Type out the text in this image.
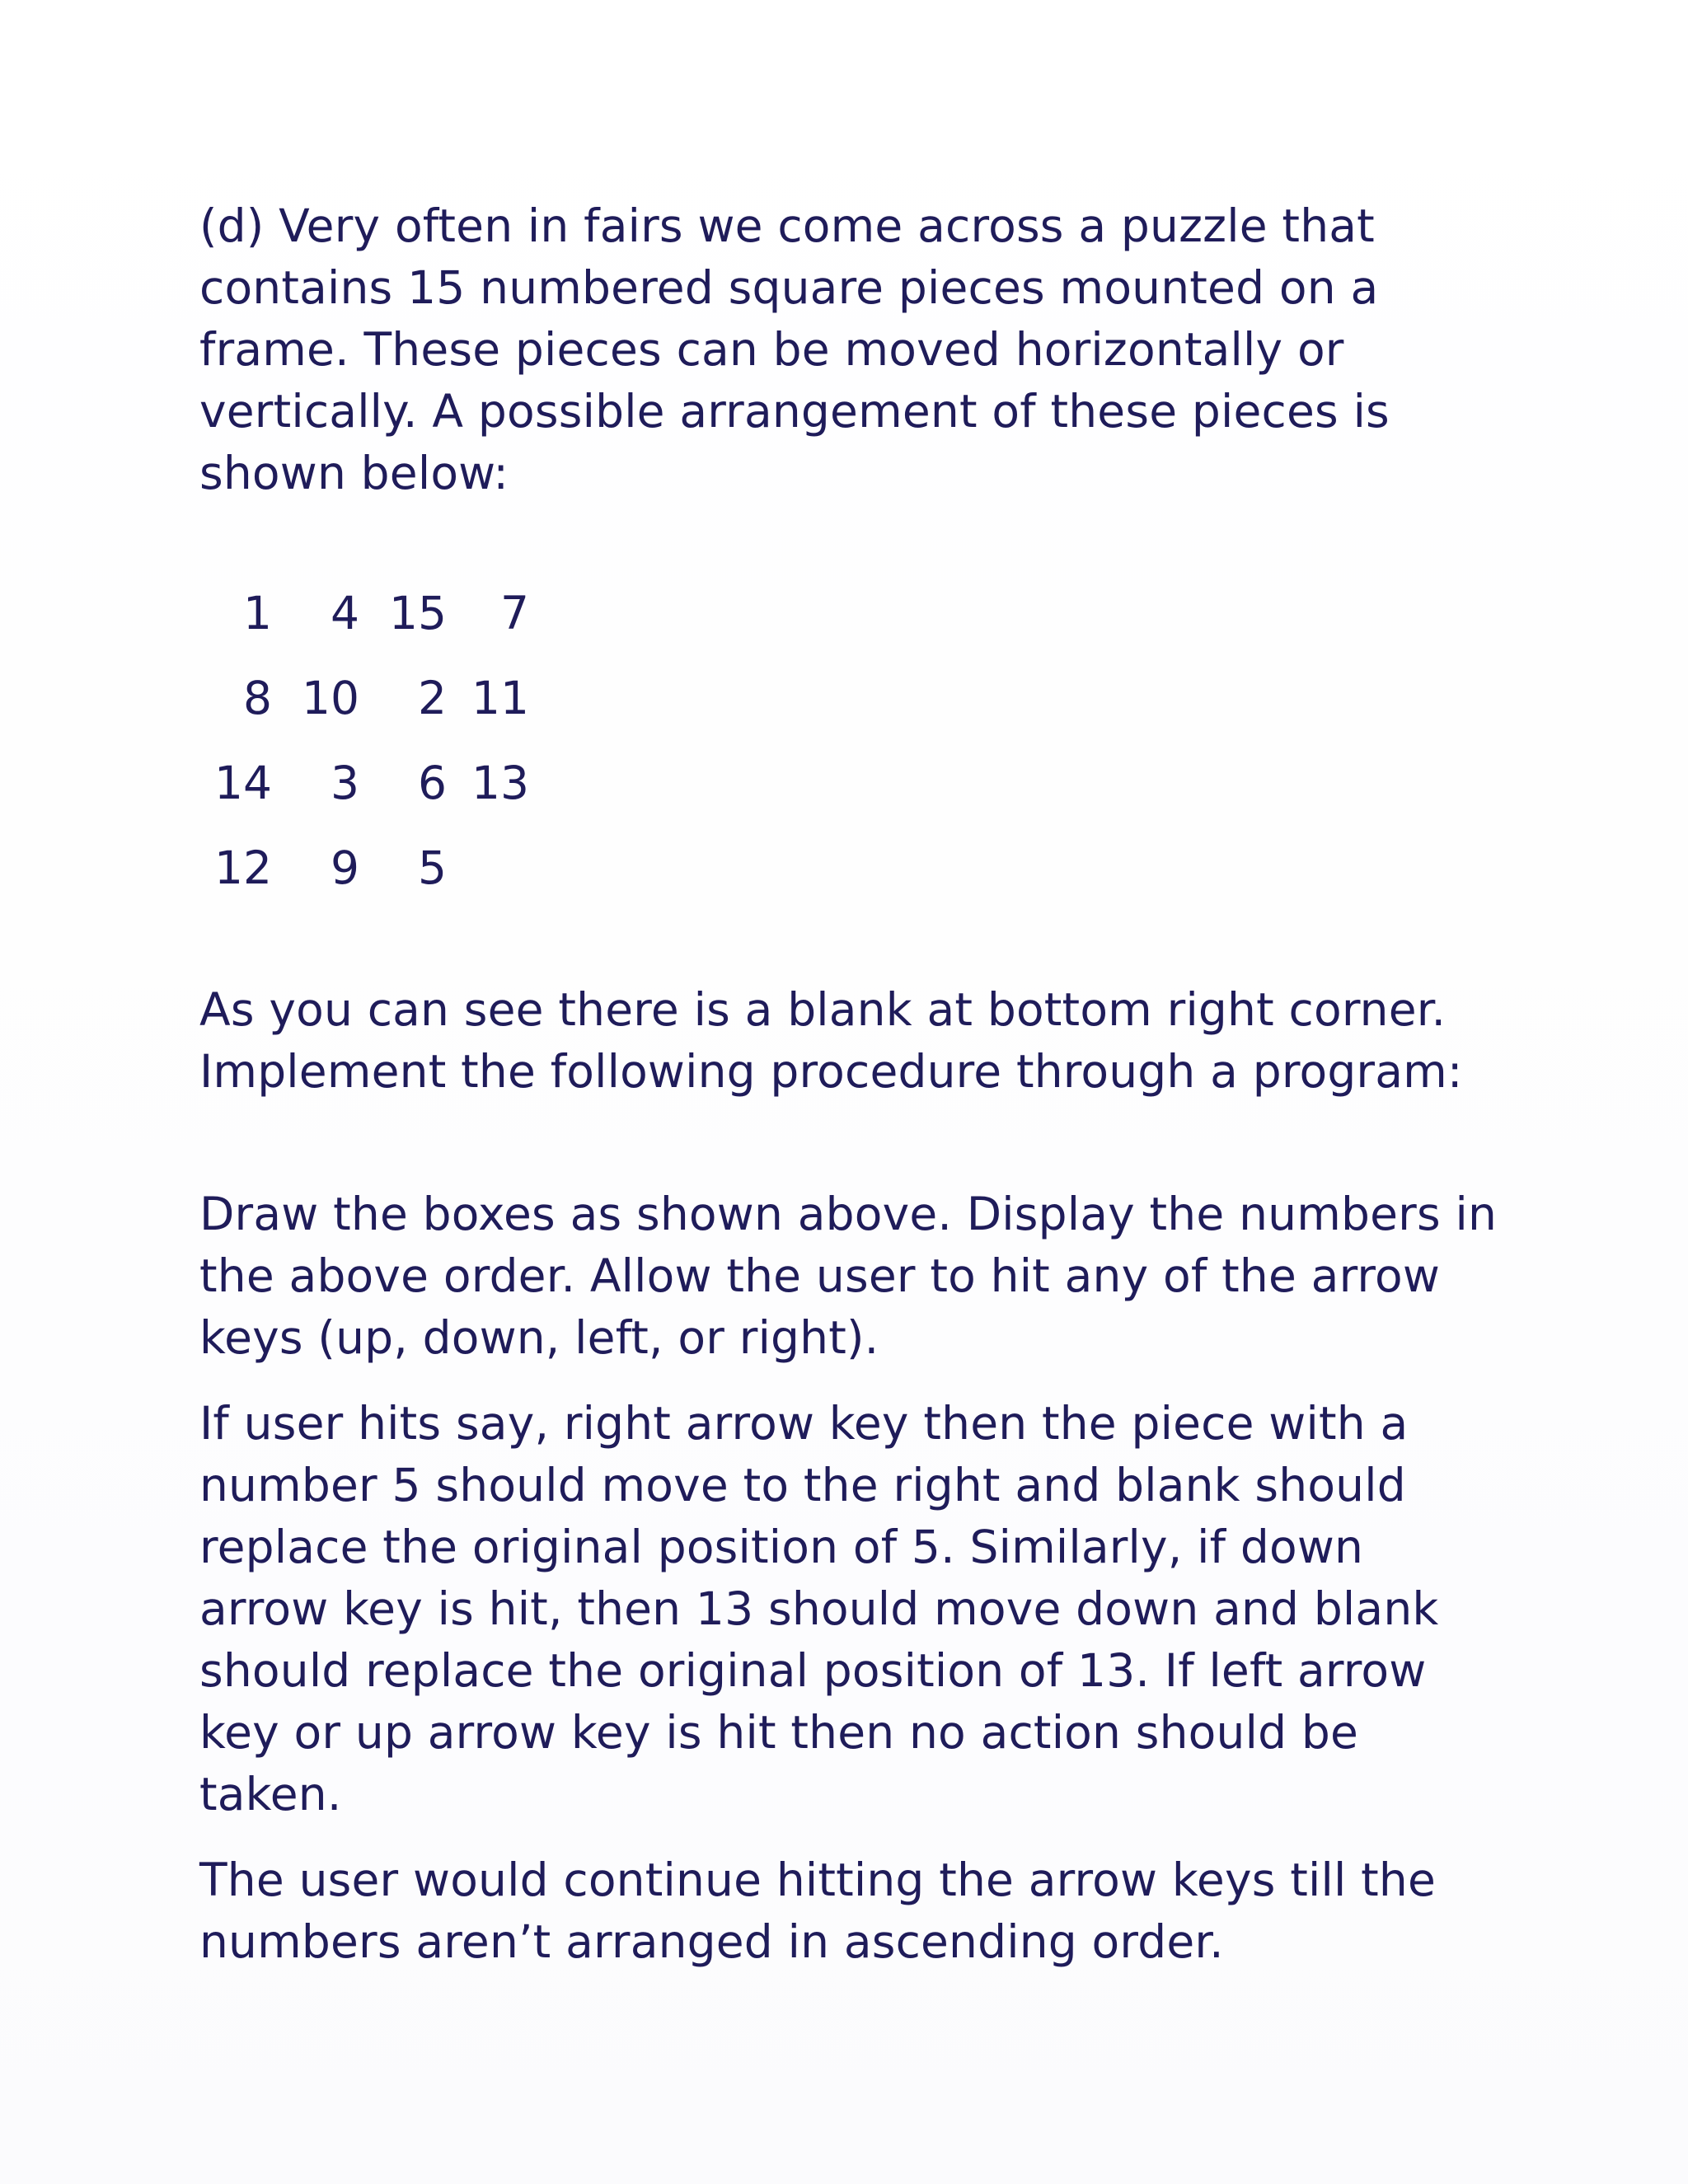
(d) Very often in fairs we come across a puzzle that
contains 15 numbered square pieces mounted on a
frame. These pieces can be moved horizontally or
vertically. A possible arrangement of these pieces is
shown below:

1	4 15	7
8 10	2 11
14	3	6 13
12	9	5

As you can see there is a blank at bottom right corner.
Implement the following procedure through a program:

Draw the boxes as shown above. Display the numbers in
the above order. Allow the user to hit any of the arrow
keys (up, down, left, or right).

If user hits say, right arrow key then the piece with a
number 5 should move to the right and blank should
replace the original position of 5. Similarly, if down
arrow key is hit, then 13 should move down and blank
should replace the original position of 13. If left arrow
key or up arrow key is hit then no action should be
taken.

The user would continue hitting the arrow keys till the
numbers aren’t arranged in ascending order.
